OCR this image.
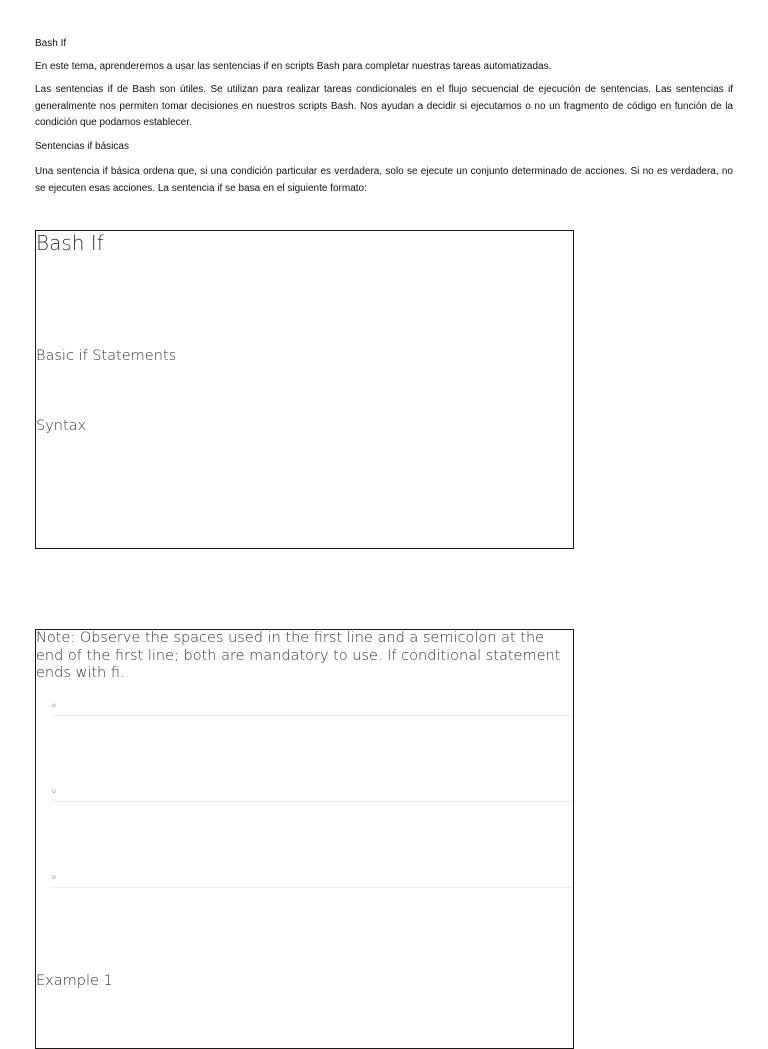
Bash If

En este tema, aprenderemos a usar las sentencias if en scripts Bash para completar nuestras tareas automatizadas.

Las sentencias if de Bash son útiles. Se utilizan para realizar tareas condicionales en el flujo secuencial de ejecución de sentencias. Las sentencias if generalmente nos permiten tomar decisiones en nuestros scripts Bash. Nos ayudan a decidir si ejecutamos o no un fragmento de código en función de la condición que podamos establecer.

Sentencias if básicas

Una sentencia if básica ordena que, si una condición particular es verdadera, solo se ejecute un conjunto determinado de acciones. Si no es verdadera, no se ejecuten esas acciones. La sentencia if se basa en el siguiente formato:

Bash If
Basic if Statements
Syntax
Note: Observe the spaces used in the first line and a semicolon at the end of the first line; both are mandatory to use. If conditional statement ends with fi.
◦
◦
◦
Example 1
